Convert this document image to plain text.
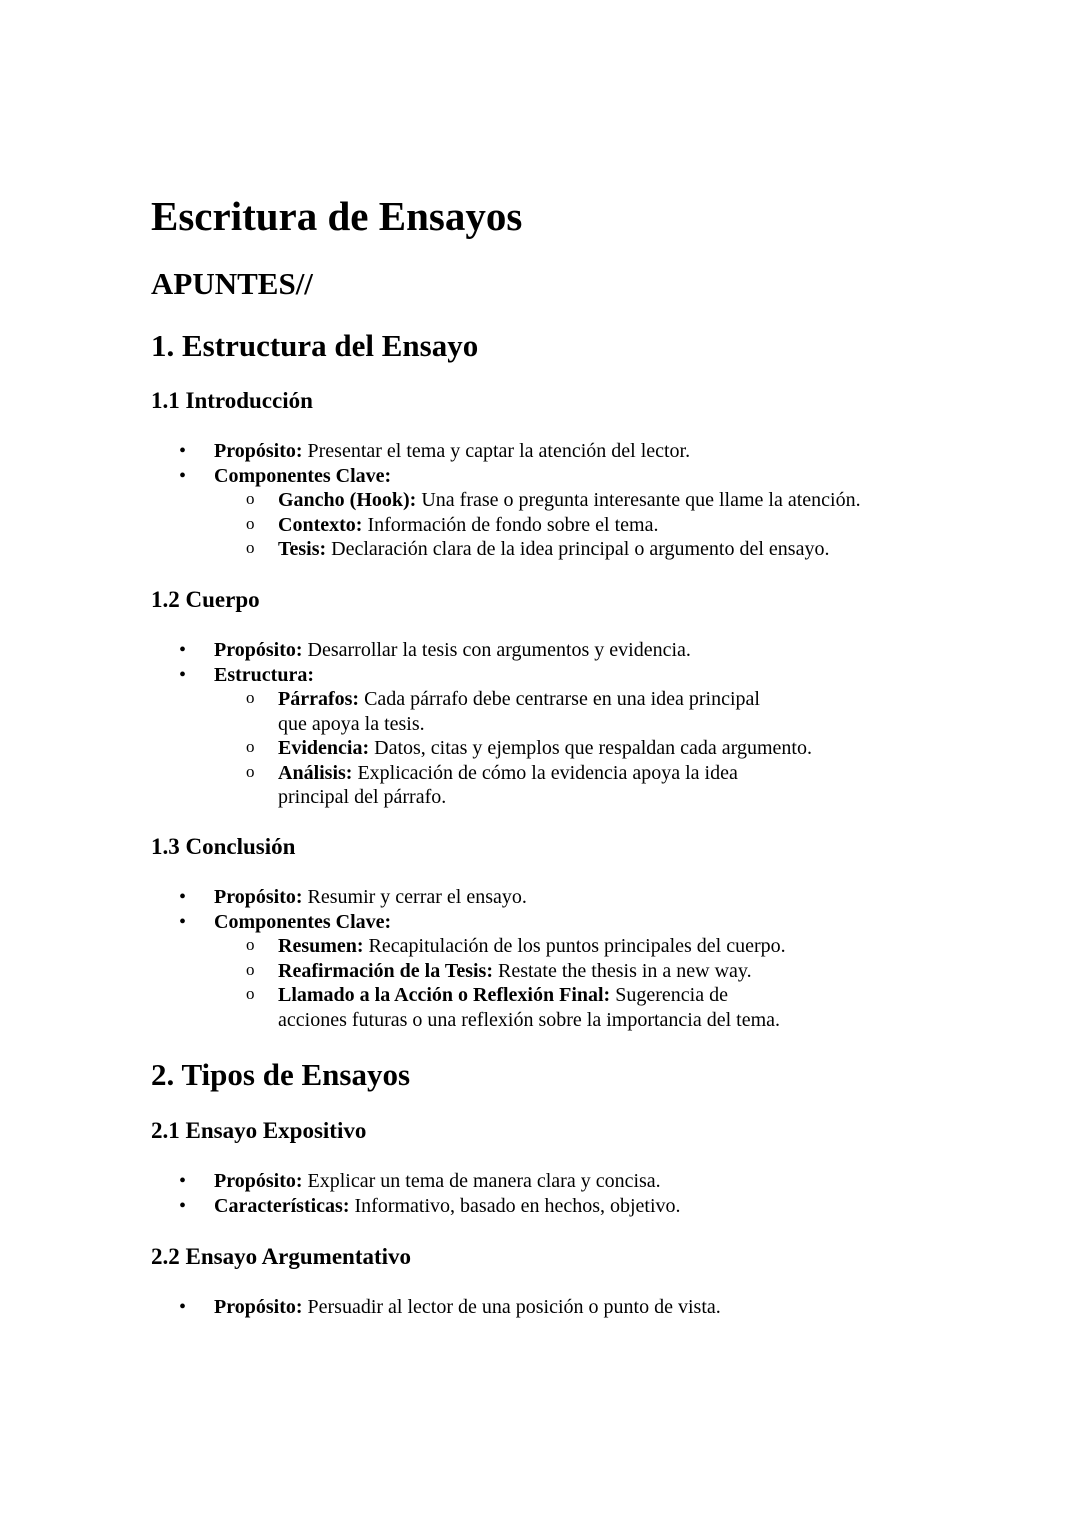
Escritura de Ensayos
APUNTES//
1. Estructura del Ensayo
1.1 Introducción
• Propósito: Presentar el tema y captar la atención del lector.
• Componentes Clave:
o Gancho (Hook): Una frase o pregunta interesante que llame la atención.
o Contexto: Información de fondo sobre el tema.
o Tesis: Declaración clara de la idea principal o argumento del ensayo.
1.2 Cuerpo
• Propósito: Desarrollar la tesis con argumentos y evidencia.
• Estructura:
o Párrafos: Cada párrafo debe centrarse en una idea principal que apoya la tesis.
o Evidencia: Datos, citas y ejemplos que respaldan cada argumento.
o Análisis: Explicación de cómo la evidencia apoya la idea principal del párrafo.
1.3 Conclusión
• Propósito: Resumir y cerrar el ensayo.
• Componentes Clave:
o Resumen: Recapitulación de los puntos principales del cuerpo.
o Reafirmación de la Tesis: Restate the thesis in a new way.
o Llamado a la Acción o Reflexión Final: Sugerencia de acciones futuras o una reflexión sobre la importancia del tema.
2. Tipos de Ensayos
2.1 Ensayo Expositivo
• Propósito: Explicar un tema de manera clara y concisa.
• Características: Informativo, basado en hechos, objetivo.
2.2 Ensayo Argumentativo
• Propósito: Persuadir al lector de una posición o punto de vista.
